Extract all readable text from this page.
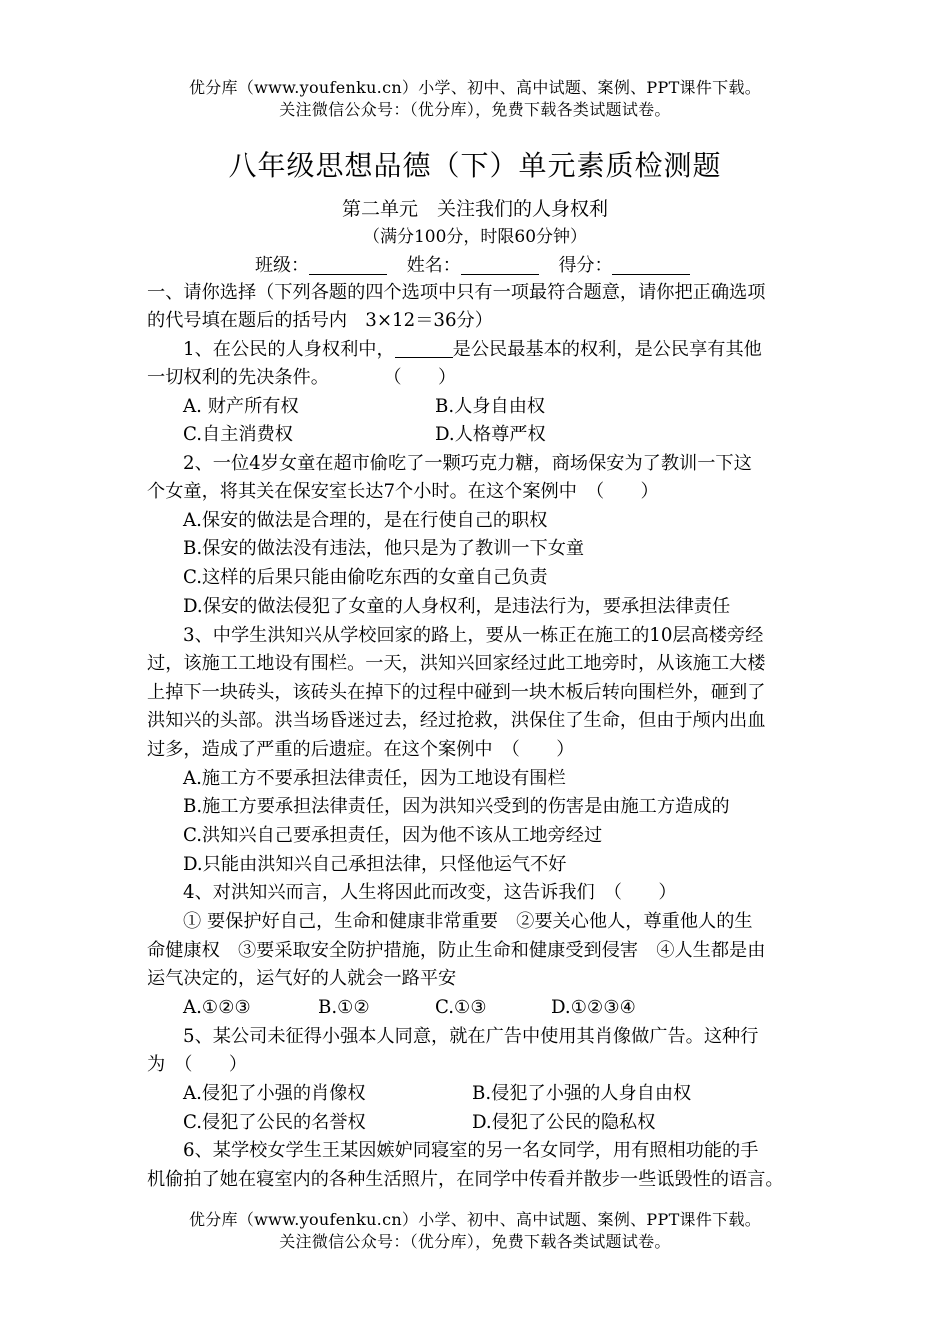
优分库（www.youfenku.cn）小学、初中、高中试题、案例、PPT课件下载。
关注微信公众号：（优分库），免费下载各类试题试卷。
八年级思想品德（下）单元素质检测题
第二单元　关注我们的人身权利
（满分100分，时限60分钟）
班级：	姓名：	得分：
一、请你选择（下列各题的四个选项中只有一项最符合题意，请你把正确选项
的代号填在题后的括号内　3×12＝36分）
1、在公民的人身权利中，	是公民最基本的权利，是公民享有其他
一切权利的先决条件。　　　　（　　）
A. 财产所有权	B.人身自由权
C.自主消费权	D.人格尊严权
2、一位4岁女童在超市偷吃了一颗巧克力糖，商场保安为了教训一下这
个女童，将其关在保安室长达7个小时。在这个案例中　（　　）
A.保安的做法是合理的，是在行使自己的职权
B.保安的做法没有违法，他只是为了教训一下女童
C.这样的后果只能由偷吃东西的女童自己负责
D.保安的做法侵犯了女童的人身权利，是违法行为，要承担法律责任
3、中学生洪知兴从学校回家的路上，要从一栋正在施工的10层高楼旁经
过，该施工工地设有围栏。一天，洪知兴回家经过此工地旁时，从该施工大楼
上掉下一块砖头，该砖头在掉下的过程中碰到一块木板后转向围栏外，砸到了
洪知兴的头部。洪当场昏迷过去，经过抢救，洪保住了生命，但由于颅内出血
过多，造成了严重的后遗症。在这个案例中　（　　）
A.施工方不要承担法律责任，因为工地设有围栏
B.施工方要承担法律责任，因为洪知兴受到的伤害是由施工方造成的
C.洪知兴自己要承担责任，因为他不该从工地旁经过
D.只能由洪知兴自己承担法律，只怪他运气不好
4、对洪知兴而言，人生将因此而改变，这告诉我们　（　　）
① 要保护好自己，生命和健康非常重要　②要关心他人，尊重他人的生
命健康权　③要采取安全防护措施，防止生命和健康受到侵害　④人生都是由
运气决定的，运气好的人就会一路平安
A.①②③	B.①②	C.①③	D.①②③④
5、某公司未征得小强本人同意，就在广告中使用其肖像做广告。这种行
为　（　　）
A.侵犯了小强的肖像权	B.侵犯了小强的人身自由权
C.侵犯了公民的名誉权	D.侵犯了公民的隐私权
6、某学校女学生王某因嫉妒同寝室的另一名女同学，用有照相功能的手
机偷拍了她在寝室内的各种生活照片，在同学中传看并散步一些诋毁性的语言。
优分库（www.youfenku.cn）小学、初中、高中试题、案例、PPT课件下载。
关注微信公众号：（优分库），免费下载各类试题试卷。
